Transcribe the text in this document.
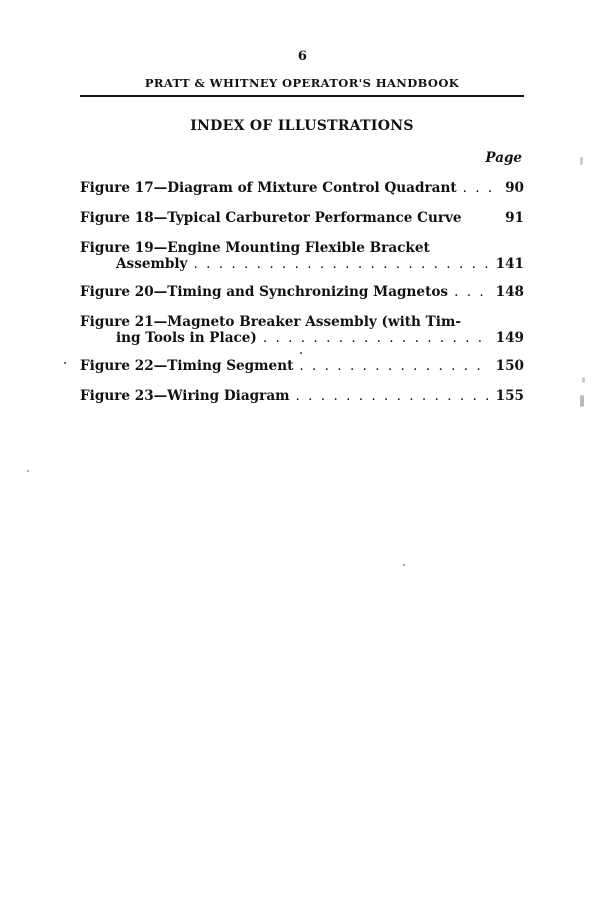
6
PRATT & WHITNEY OPERATOR'S HANDBOOK
INDEX OF ILLUSTRATIONS
Page
Figure 17—Diagram of Mixture Control Quadrant . . .	90
Figure 18—Typical Carburetor Performance Curve	91
Figure 19—Engine Mounting Flexible Bracket
Assembly . . .	141
Figure 20—Timing and Synchronizing Magnetos . . .	148
Figure 21—Magneto Breaker Assembly (with Tim-
ing Tools in Place) . . .	149
Figure 22—Timing Segment . . .	150
Figure 23—Wiring Diagram . . .	155
